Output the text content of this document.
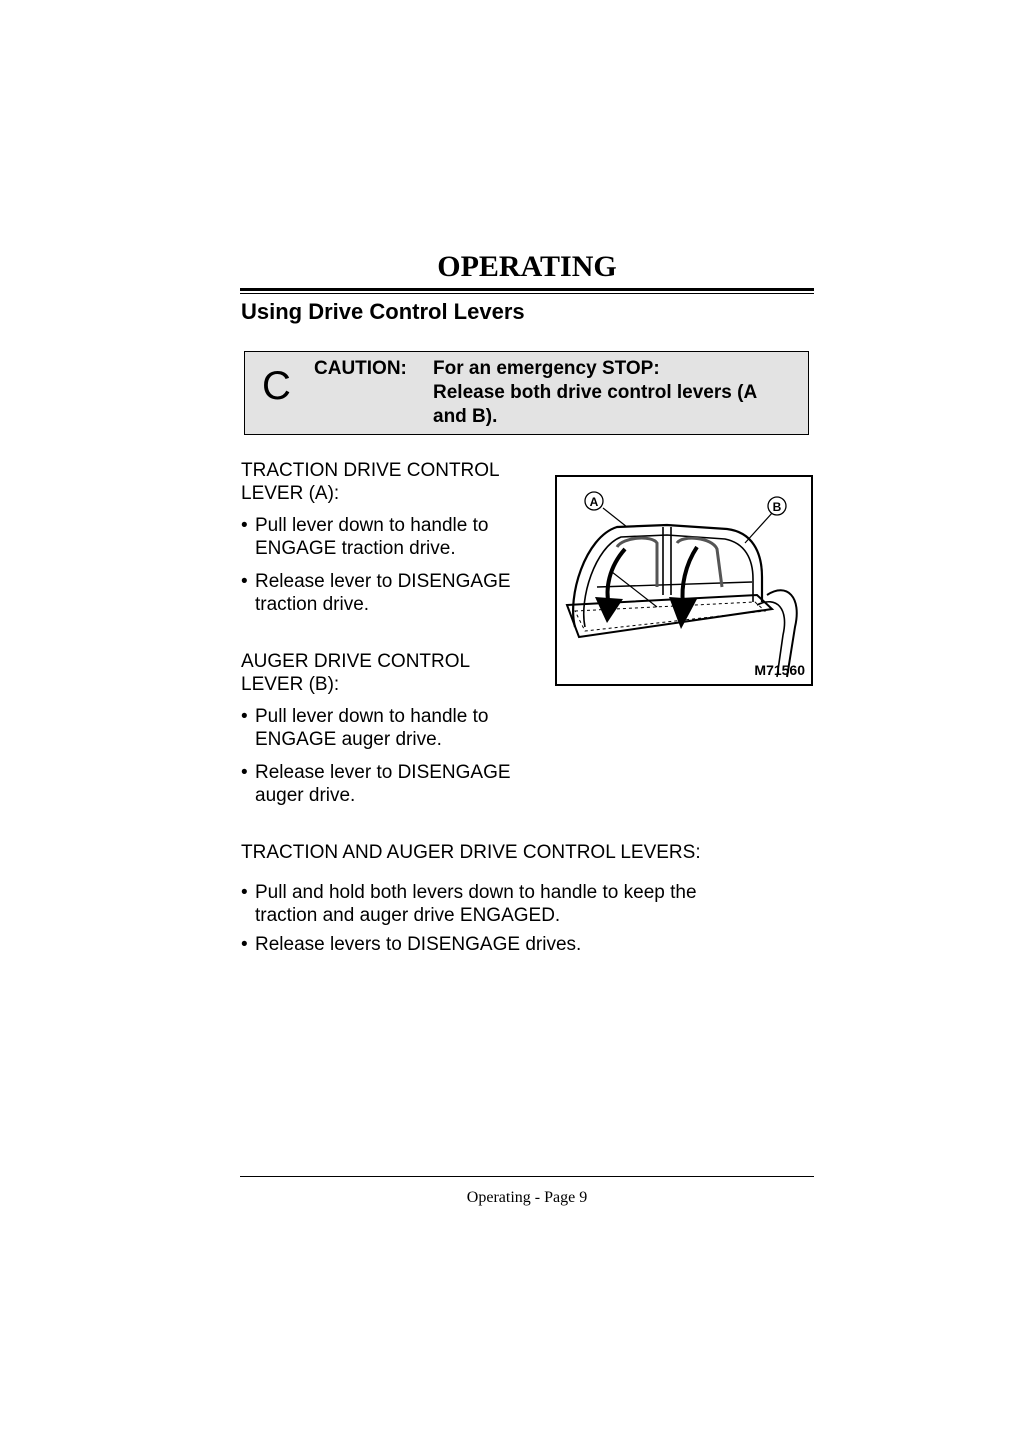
OPERATING
Using Drive Control Levers
C CAUTION: For an emergency STOP:
Release both drive control levers (A and B).
TRACTION DRIVE CONTROL LEVER (A):
• Pull lever down to handle to ENGAGE traction drive.
• Release lever to DISENGAGE traction drive.
AUGER DRIVE CONTROL LEVER (B):
• Pull lever down to handle to ENGAGE auger drive.
• Release lever to DISENGAGE auger drive.
TRACTION AND AUGER DRIVE CONTROL LEVERS:
• Pull and hold both levers down to handle to keep the traction and auger drive ENGAGED.
• Release levers to DISENGAGE drives.
A	B
M71560
Operating - Page 9
